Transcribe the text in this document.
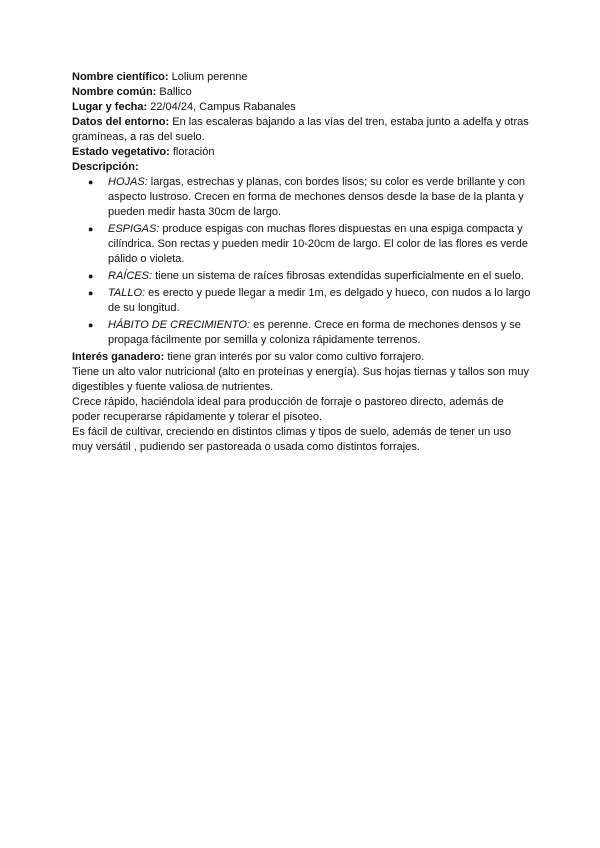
Nombre científico: Lolium perenne

Nombre común: Ballico

Lugar y fecha: 22/04/24, Campus Rabanales

Datos del entorno: En las escaleras bajando a las vías del tren, estaba junto a adelfa y otras gramíneas, a ras del suelo.

Estado vegetativo: floración

Descripción:

● HOJAS: largas, estrechas y planas, con bordes lisos; su color es verde brillante y con aspecto lustroso. Crecen en forma de mechones densos desde la base de la planta y pueden medir hasta 30cm de largo.
● ESPIGAS: produce espigas con muchas flores dispuestas en una espiga compacta y cilíndrica. Son rectas y pueden medir 10-20cm de largo. El color de las flores es verde pálido o violeta.
● RAÍCES: tiene un sistema de raíces fibrosas extendidas superficialmente en el suelo.
● TALLO: es erecto y puede llegar a medir 1m, es delgado y hueco, con nudos a lo largo de su longitud.
● HÁBITO DE CRECIMIENTO: es perenne. Crece en forma de mechones densos y se propaga fácilmente por semilla y coloniza rápidamente terrenos.

Interés ganadero: tiene gran interés por su valor como cultivo forrajero.

Tiene un alto valor nutricional (alto en proteínas y energía). Sus hojas tiernas y tallos son muy digestibles y fuente valiosa de nutrientes.

Crece rápido, haciéndola ideal para producción de forraje o pastoreo directo, además de poder recuperarse rápidamente y tolerar el pisoteo.

Es fácil de cultivar, creciendo en distintos climas y tipos de suelo, además de tener un uso muy versátil , pudiendo ser pastoreada o usada como distintos forrajes.
